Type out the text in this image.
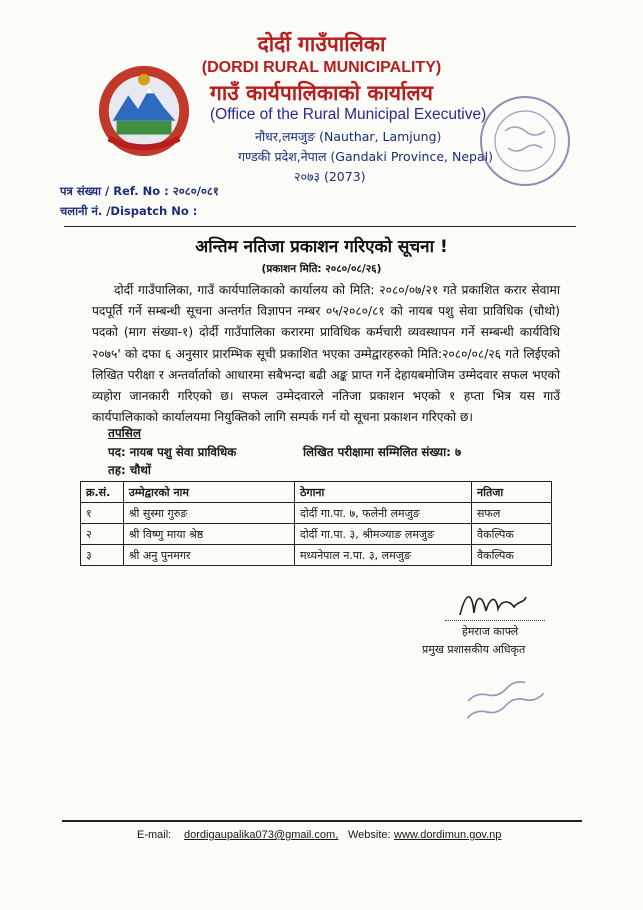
दोर्दी गाउँपालिका
(DORDI RURAL MUNICIPALITY)
गाउँ कार्यपालिकाको कार्यालय
(Office of the Rural Municipal Executive)
नौधर,लमजुङ (Nauthar, Lamjung)
गण्डकी प्रदेश,नेपाल (Gandaki Province, Nepal)
२०७३ (2073)
पत्र संख्या / Ref. No : २०८०/०८१
चलानी नं. /Dispatch No :
अन्तिम नतिजा प्रकाशन गरिएको सूचना !
(प्रकाशन मिति: २०८०/०८/२६)
दोर्दी गाउँपालिका, गाउँ कार्यपालिकाको कार्यालय को मिति: २०८०/०७/२१ गते प्रकाशित करार सेवामा पदपूर्ति गर्ने सम्बन्धी सूचना अन्तर्गत विज्ञापन नम्बर ०५/२०८०/८१ को नायब पशु सेवा प्राविधिक (चौथो) पदको (माग संख्या-१) दोर्दी गाउँपालिका करारमा प्राविधिक कर्मचारी व्यवस्थापन गर्ने सम्बन्धी कार्यविधि २०७५' को दफा ६ अनुसार प्रारम्भिक सूची प्रकाशित भएका उम्मेद्वारहरुको मिति:२०८०/०८/२६ गते लिईएको लिखित परीक्षा र अन्तर्वार्ताको आधारमा सबैभन्दा बढी अङ्क प्राप्त गर्ने देहायबमोजिम उम्मेदवार सफल भएको व्यहोरा जानकारी गरिएको छ। सफल उम्मेदवारले नतिजा प्रकाशन भएको १ हप्ता भित्र यस गाउँ कार्यपालिकाको कार्यालयमा नियुक्तिको लागि सम्पर्क गर्न यो सूचना प्रकाशन गरिएको छ।
तपसिल
पद: नायब पशु सेवा प्राविधिक	लिखित परीक्षामा सम्मिलित संख्या: ७
तह: चौथों
क्र.सं.	उम्मेद्वारको नाम	ठेगाना	नतिजा
१	श्री सुस्मा गुरुङ	दोर्दी गा.पा. ७, फलेनी लमजुङ	सफल
२	श्री विष्णु माया श्रेष्ठ	दोर्दी गा.पा. ३, श्रीमञ्याङ लमजुङ	वैकल्पिक
३	श्री अनु पुनमगर	मध्यनेपाल न.पा. ३, लमजुङ	वैकल्पिक
हेमराज काफ्ले
प्रमुख प्रशासकीय अधिकृत
E-mail: dordigaupalika073@gmail.com, Website: www.dordimun.gov.np
